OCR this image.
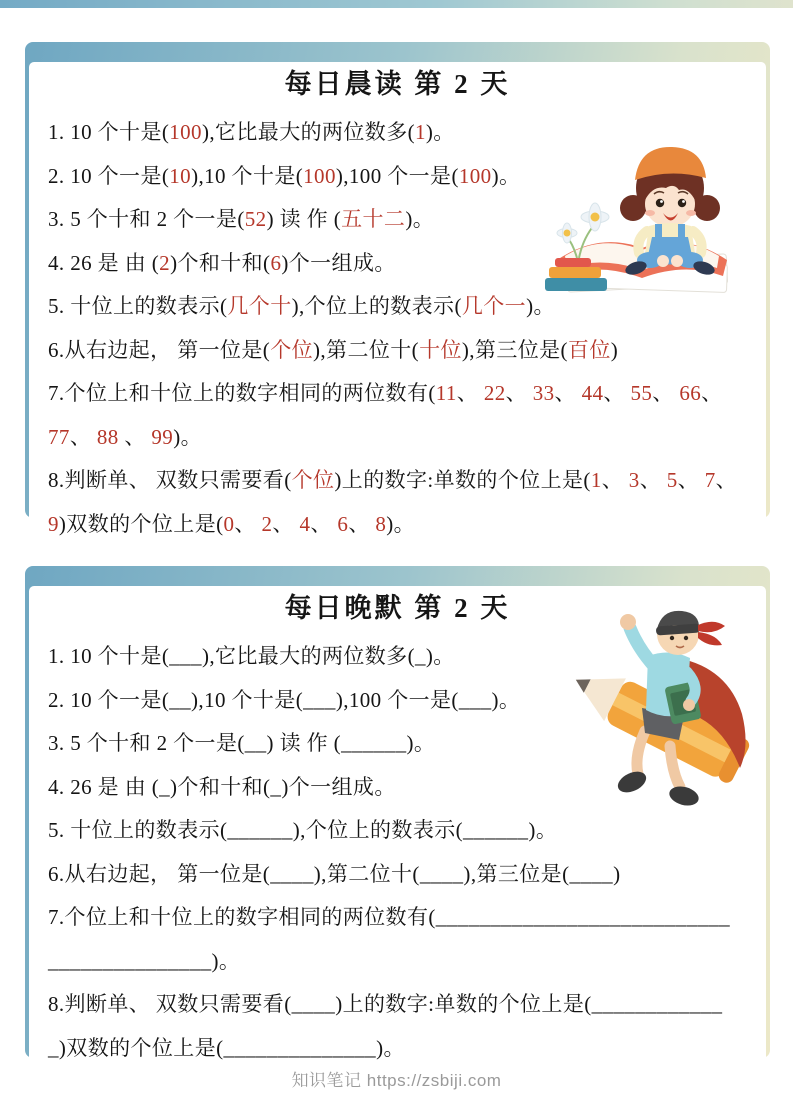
每日晨读 第 2 天

1. 10 个十是(100),它比最大的两位数多(1)。

2. 10 个一是(10),10 个十是(100),100 个一是(100)。

3. 5 个十和 2 个一是(52) 读 作 (五十二)。

4. 26 是 由 (2)个和十和(6)个一组成。

5. 十位上的数表示(几个十),个位上的数表示(几个一)。

6.从右边起， 第一位是(个位),第二位十(十位),第三位是(百位)

7.个位上和十位上的数字相同的两位数有(11、 22、 33、 44、 55、 66、

77、 88 、 99)。

8.判断单、 双数只需要看(个位)上的数字:单数的个位上是(1、 3、 5、 7、

9)双数的个位上是(0、 2、 4、 6、 8)。

每日晚默 第 2 天

1. 10 个十是(___),它比最大的两位数多(_)。

2. 10 个一是(__),10 个十是(___),100 个一是(___)。

3. 5 个十和 2 个一是(__) 读 作 (______)。

4. 26 是 由 (_)个和十和(_)个一组成。

5. 十位上的数表示(______),个位上的数表示(______)。

6.从右边起， 第一位是(____),第二位十(____),第三位是(____)

7.个位上和十位上的数字相同的两位数有(___________________________

_______________)。

8.判断单、 双数只需要看(____)上的数字:单数的个位上是(____________

_)双数的个位上是(______________)。

知识笔记 https://zsbiji.com
